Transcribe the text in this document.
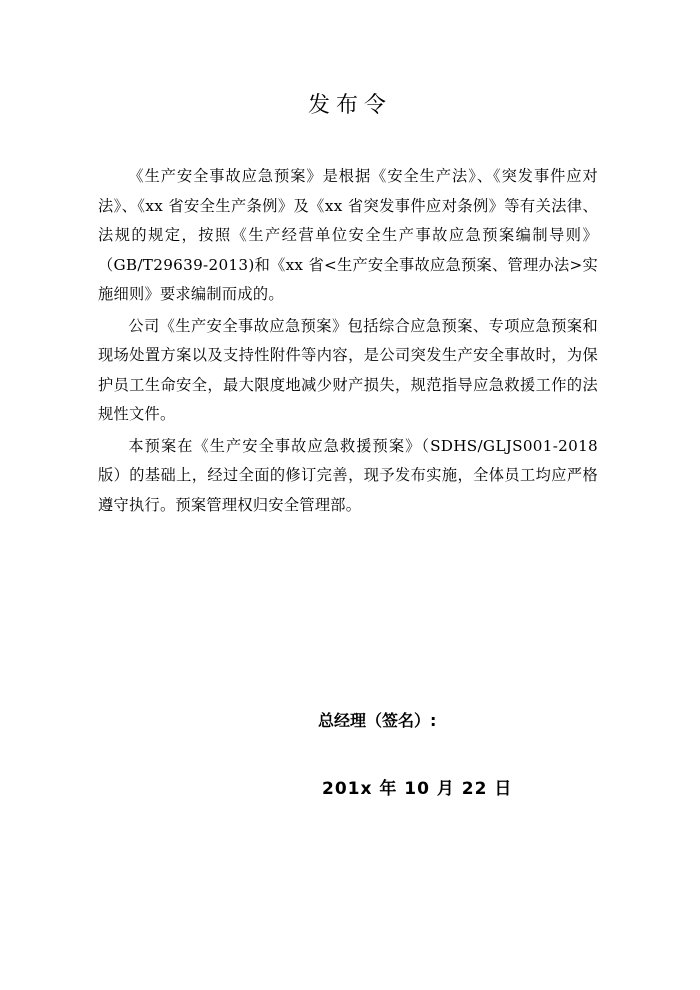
发布令

《生产安全事故应急预案》是根据《安全生产法》、《突发事件应对法》、《xx 省安全生产条例》及《xx 省突发事件应对条例》等有关法律、法规的规定，按照《生产经营单位安全生产事故应急预案编制导则》（GB/T29639-2013)和《xx 省<生产安全事故应急预案、管理办法>实施细则》要求编制而成的。

公司《生产安全事故应急预案》包括综合应急预案、专项应急预案和现场处置方案以及支持性附件等内容，是公司突发生产安全事故时，为保护员工生命安全，最大限度地减少财产损失，规范指导应急救援工作的法规性文件。

本预案在《生产安全事故应急救援预案》（SDHS/GLJS001-2018 版）的基础上，经过全面的修订完善，现予发布实施，全体员工均应严格遵守执行。预案管理权归安全管理部。

总经理（签名）:
201x 年 10 月 22 日
